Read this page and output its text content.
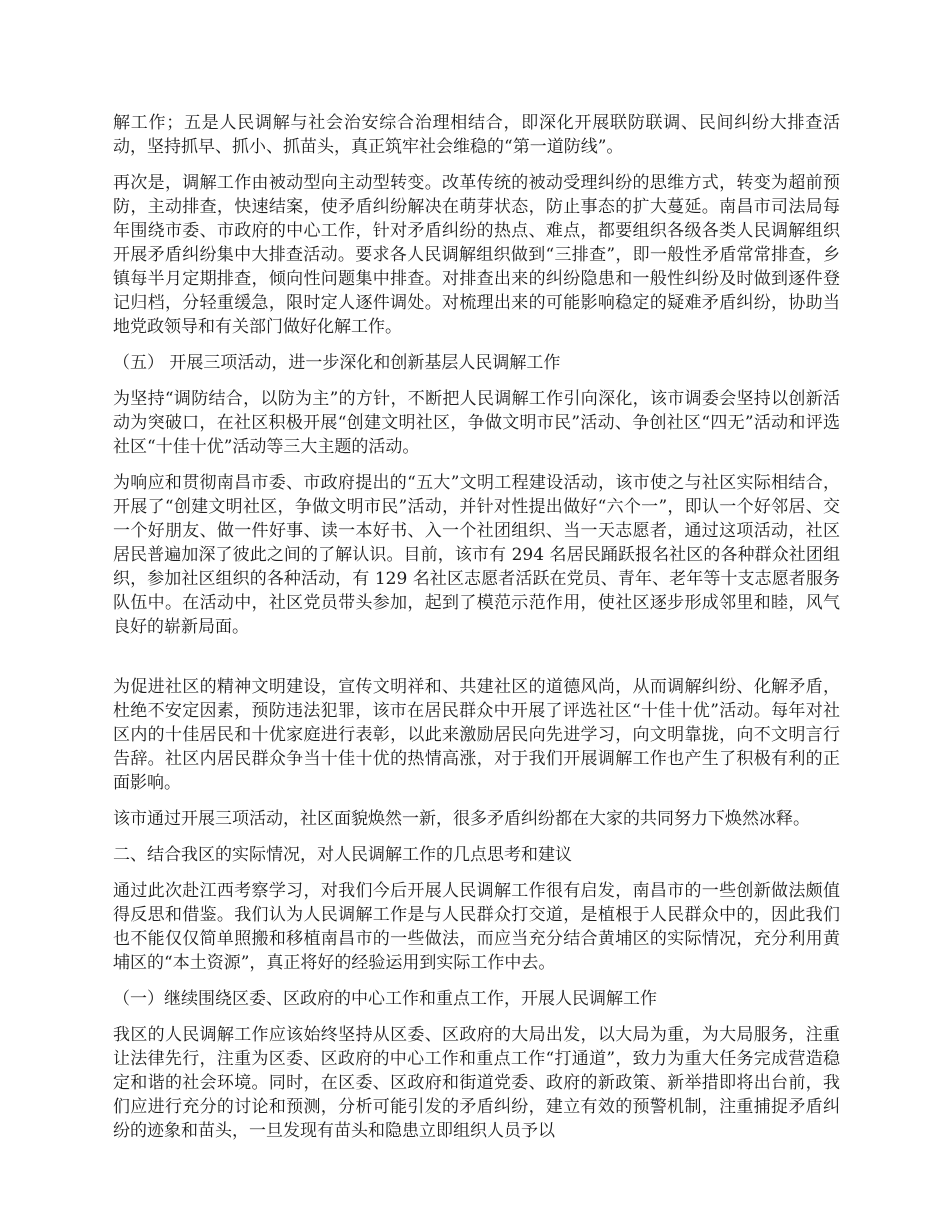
解工作；五是人民调解与社会治安综合治理相结合，即深化开展联防联调、民间纠纷大排查活动，坚持抓早、抓小、抓苗头，真正筑牢社会维稳的“第一道防线”。

再次是，调解工作由被动型向主动型转变。改革传统的被动受理纠纷的思维方式，转变为超前预防，主动排查，快速结案，使矛盾纠纷解决在萌芽状态，防止事态的扩大蔓延。南昌市司法局每年围绕市委、市政府的中心工作，针对矛盾纠纷的热点、难点，都要组织各级各类人民调解组织开展矛盾纠纷集中大排查活动。要求各人民调解组织做到“三排查”，即一般性矛盾常常排查，乡镇每半月定期排查，倾向性问题集中排查。对排查出来的纠纷隐患和一般性纠纷及时做到逐件登记归档，分轻重缓急，限时定人逐件调处。对梳理出来的可能影响稳定的疑难矛盾纠纷，协助当地党政领导和有关部门做好化解工作。

（五） 开展三项活动，进一步深化和创新基层人民调解工作

为坚持“调防结合，以防为主”的方针，不断把人民调解工作引向深化，该市调委会坚持以创新活动为突破口，在社区积极开展“创建文明社区，争做文明市民”活动、争创社区“四无”活动和评选社区“十佳十优”活动等三大主题的活动。

为响应和贯彻南昌市委、市政府提出的“五大”文明工程建设活动，该市使之与社区实际相结合，开展了“创建文明社区，争做文明市民”活动，并针对性提出做好“六个一”，即认一个好邻居、交一个好朋友、做一件好事、读一本好书、入一个社团组织、当一天志愿者，通过这项活动，社区居民普遍加深了彼此之间的了解认识。目前，该市有 294 名居民踊跃报名社区的各种群众社团组织，参加社区组织的各种活动，有 129 名社区志愿者活跃在党员、青年、老年等十支志愿者服务队伍中。在活动中，社区党员带头参加，起到了模范示范作用，使社区逐步形成邻里和睦，风气良好的崭新局面。

为促进社区的精神文明建设，宣传文明祥和、共建社区的道德风尚，从而调解纠纷、化解矛盾，杜绝不安定因素，预防违法犯罪，该市在居民群众中开展了评选社区“十佳十优”活动。每年对社区内的十佳居民和十优家庭进行表彰，以此来激励居民向先进学习，向文明靠拢，向不文明言行告辞。社区内居民群众争当十佳十优的热情高涨，对于我们开展调解工作也产生了积极有利的正面影响。

该市通过开展三项活动，社区面貌焕然一新，很多矛盾纠纷都在大家的共同努力下焕然冰释。

二、结合我区的实际情况，对人民调解工作的几点思考和建议

通过此次赴江西考察学习，对我们今后开展人民调解工作很有启发，南昌市的一些创新做法颇值得反思和借鉴。我们认为人民调解工作是与人民群众打交道，是植根于人民群众中的，因此我们也不能仅仅简单照搬和移植南昌市的一些做法，而应当充分结合黄埔区的实际情况，充分利用黄埔区的“本土资源”，真正将好的经验运用到实际工作中去。

（一）继续围绕区委、区政府的中心工作和重点工作，开展人民调解工作

我区的人民调解工作应该始终坚持从区委、区政府的大局出发，以大局为重，为大局服务，注重让法律先行，注重为区委、区政府的中心工作和重点工作“打通道”，致力为重大任务完成营造稳定和谐的社会环境。同时，在区委、区政府和街道党委、政府的新政策、新举措即将出台前，我们应进行充分的讨论和预测，分析可能引发的矛盾纠纷，建立有效的预警机制，注重捕捉矛盾纠纷的迹象和苗头，一旦发现有苗头和隐患立即组织人员予以
